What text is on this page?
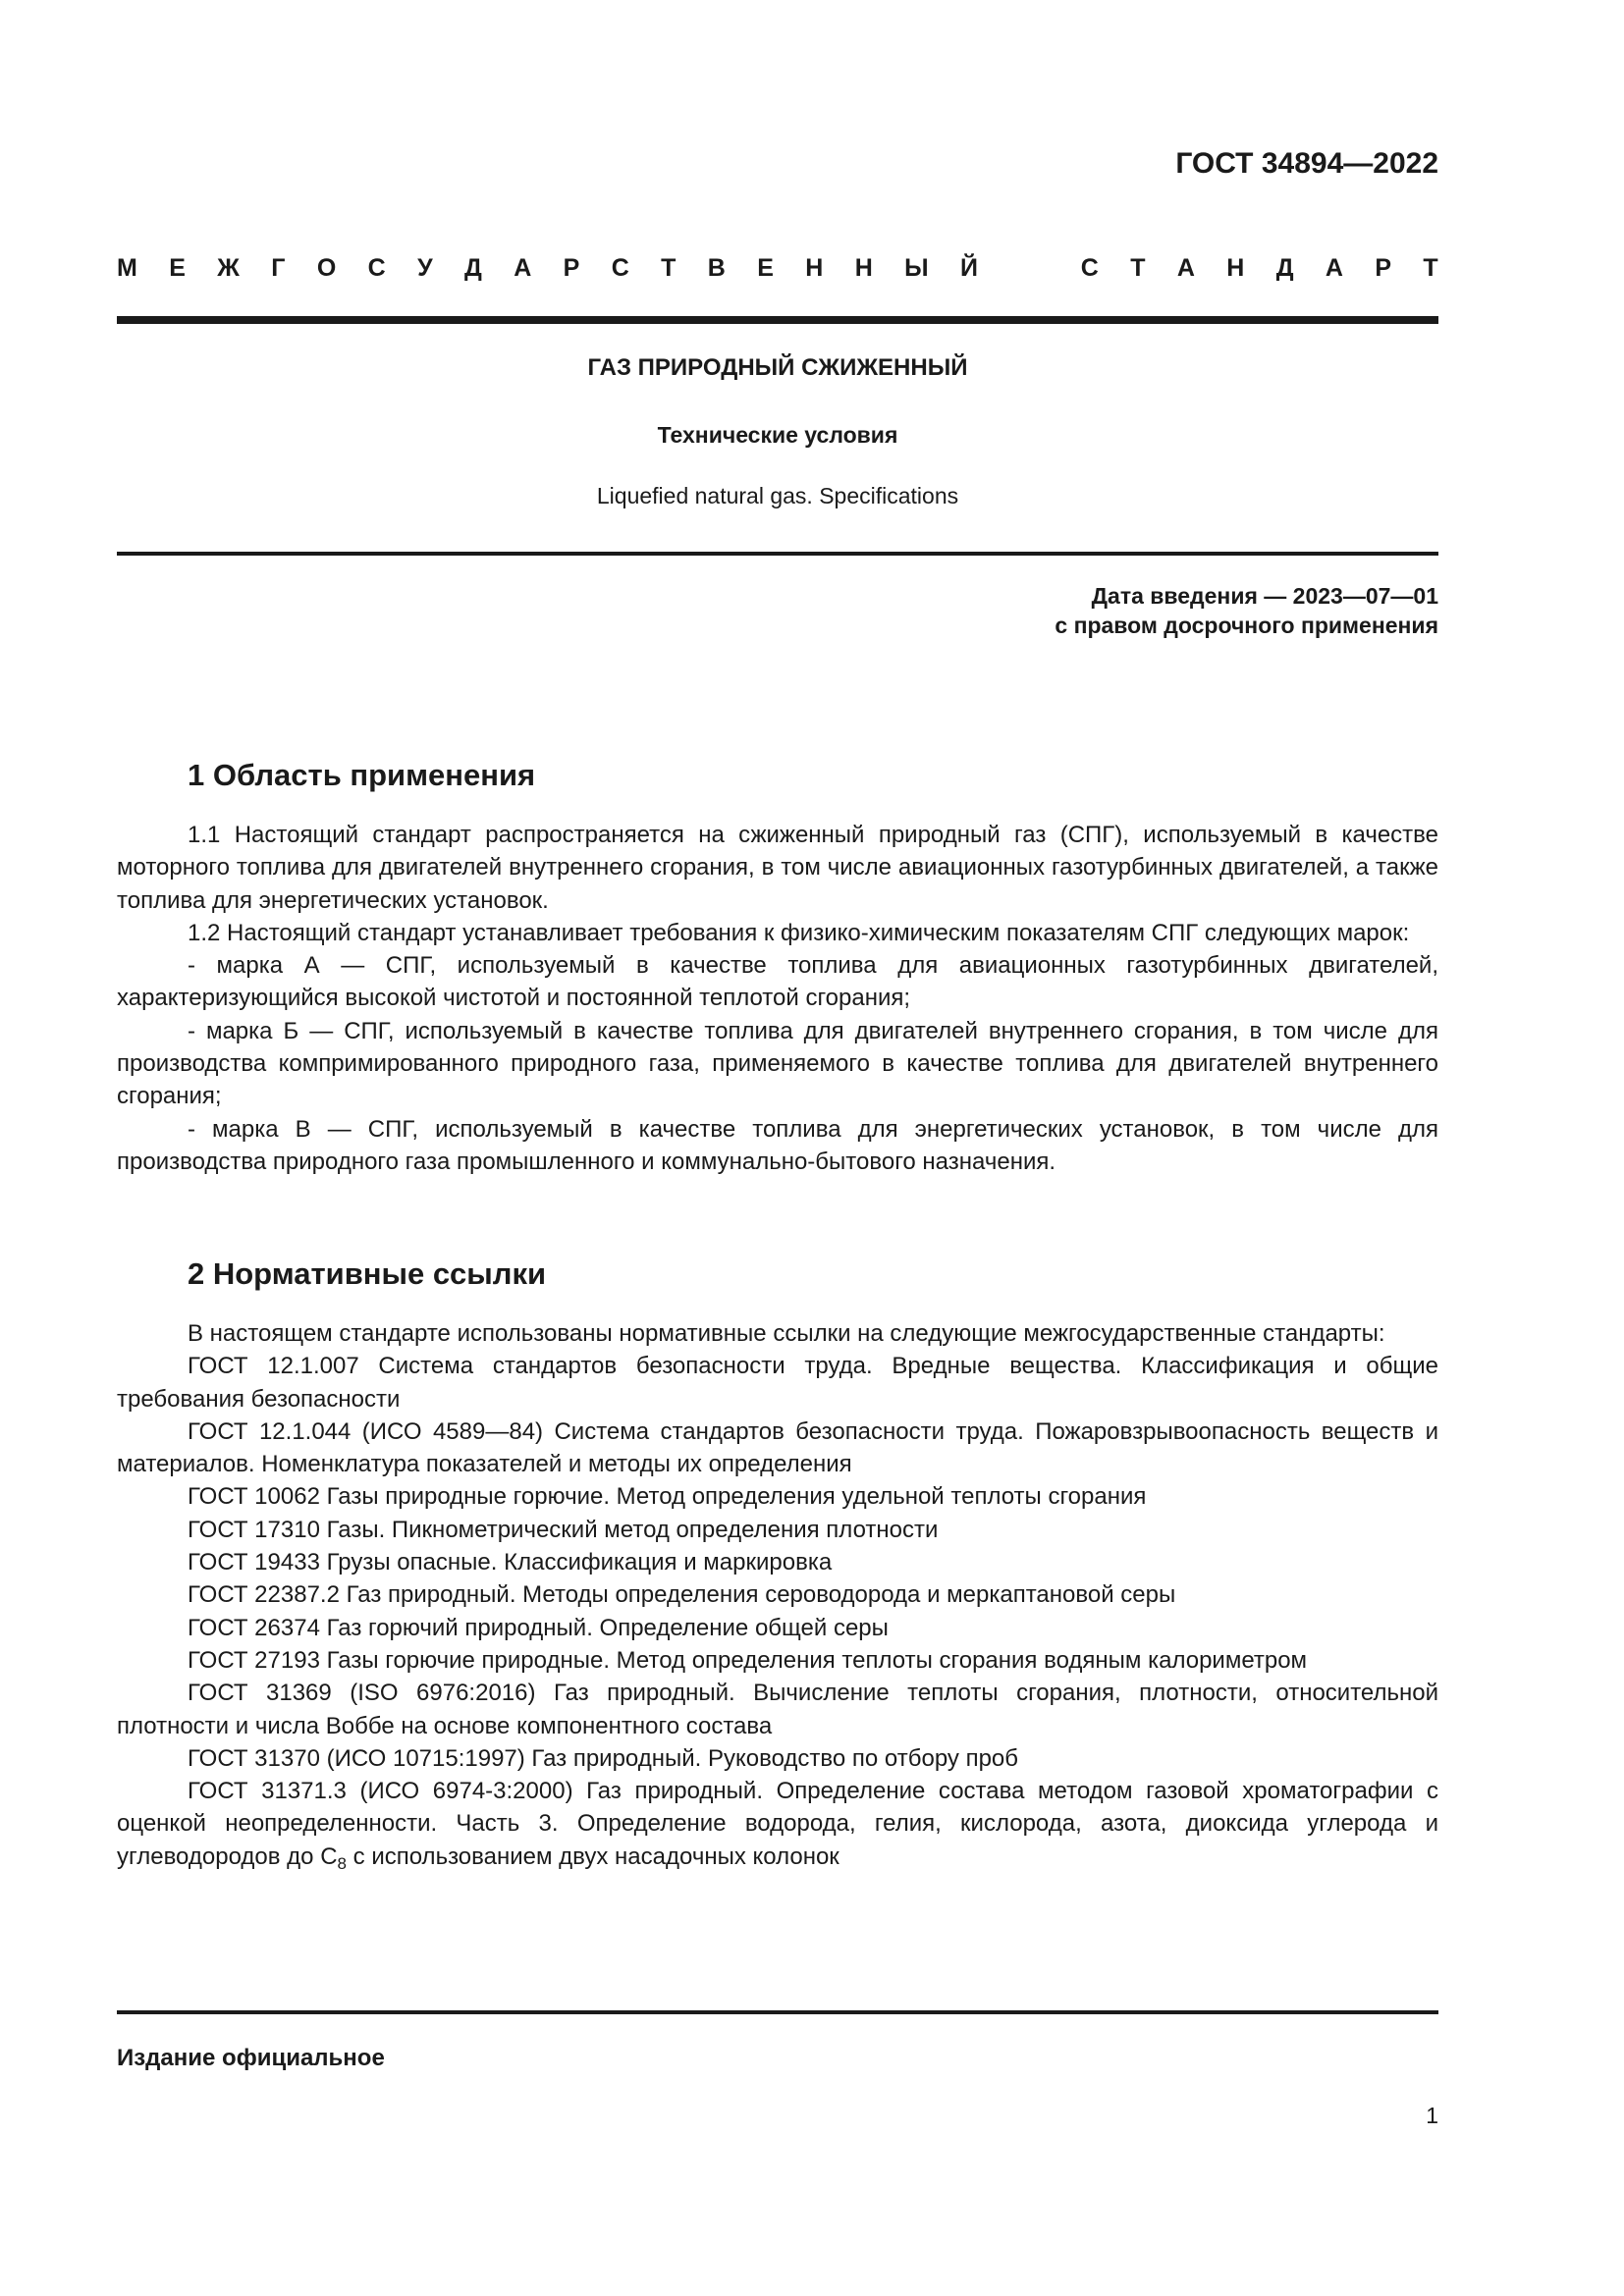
ГОСТ 34894—2022
М Е Ж Г О С У Д А Р С Т В Е Н Н Ы Й	С Т А Н Д А Р Т
ГАЗ ПРИРОДНЫЙ СЖИЖЕННЫЙ
Технические условия
Liquefied natural gas. Specifications
Дата введения — 2023—07—01
с правом досрочного применения
1 Область применения

1.1 Настоящий стандарт распространяется на сжиженный природный газ (СПГ), используемый в качестве моторного топлива для двигателей внутреннего сгорания, в том числе авиационных газотурбинных двигателей, а также топлива для энергетических установок.

1.2 Настоящий стандарт устанавливает требования к физико-химическим показателям СПГ следующих марок:

- марка А — СПГ, используемый в качестве топлива для авиационных газотурбинных двигателей, характеризующийся высокой чистотой и постоянной теплотой сгорания;

- марка Б — СПГ, используемый в качестве топлива для двигателей внутреннего сгорания, в том числе для производства компримированного природного газа, применяемого в качестве топлива для двигателей внутреннего сгорания;

- марка В — СПГ, используемый в качестве топлива для энергетических установок, в том числе для производства природного газа промышленного и коммунально-бытового назначения.

2 Нормативные ссылки

В настоящем стандарте использованы нормативные ссылки на следующие межгосударственные стандарты:

ГОСТ 12.1.007 Система стандартов безопасности труда. Вредные вещества. Классификация и общие требования безопасности

ГОСТ 12.1.044 (ИСО 4589—84) Система стандартов безопасности труда. Пожаровзрывоопасность веществ и материалов. Номенклатура показателей и методы их определения

ГОСТ 10062 Газы природные горючие. Метод определения удельной теплоты сгорания

ГОСТ 17310 Газы. Пикнометрический метод определения плотности

ГОСТ 19433 Грузы опасные. Классификация и маркировка

ГОСТ 22387.2 Газ природный. Методы определения сероводорода и меркаптановой серы

ГОСТ 26374 Газ горючий природный. Определение общей серы

ГОСТ 27193 Газы горючие природные. Метод определения теплоты сгорания водяным калориметром

ГОСТ 31369 (ISO 6976:2016) Газ природный. Вычисление теплоты сгорания, плотности, относительной плотности и числа Воббе на основе компонентного состава

ГОСТ 31370 (ИСО 10715:1997) Газ природный. Руководство по отбору проб

ГОСТ 31371.3 (ИСО 6974-3:2000) Газ природный. Определение состава методом газовой хроматографии с оценкой неопределенности. Часть 3. Определение водорода, гелия, кислорода, азота, диоксида углерода и углеводородов до $С_8$ с использованием двух насадочных колонок

Издание официальное
1
